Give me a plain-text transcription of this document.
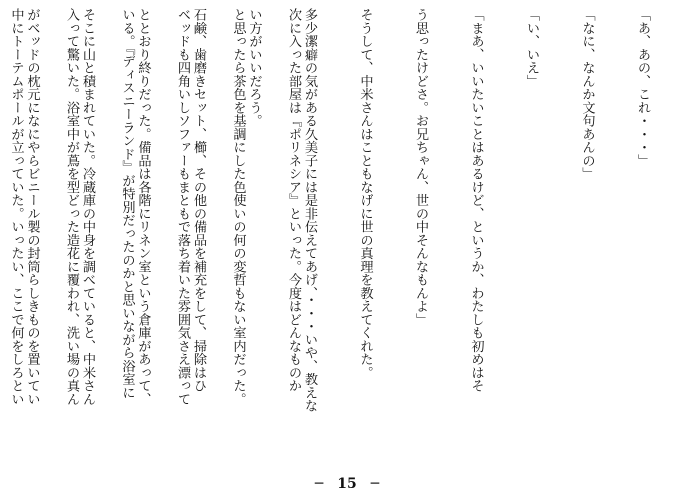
「あ、あの、これ・・・」

「なに、なんか文句あんの」

「い、いえ」

「まあ、いいたいことはあるけど、というか、わたしも初めはそ

う思ったけどさ。お兄ちゃん、世の中そんなもんよ」

そうして、中米さんはこともなげに世の真理を教えてくれた。

多少潔癖の気がある久美子には是非伝えてあげ、・・・いや、教えな

い方がいいだろう。

石鹸、歯磨きセット、櫛、その他の備品を補充をして、掃除はひ

ととおり終りだった。備品は各階にリネン室という倉庫があって、

そこに山と積まれていた。冷蔵庫の中身を調べていると、中米さん

がベッドの枕元になにやらビニール製の封筒らしきものを置いてい

	次に入った部屋は『ポリネシア』といった。今度はどんなものか

と思ったら茶色を基調にした色使いの何の変哲もない室内だった。

ベッドも四角いしソファーもまともで落ち着いた雰囲気さえ漂って

いる。『ディスニーランド』が特別だったのかと思いながら浴室に

入って驚いた。浴室中が蔦を型どった造花に覆われ、洗い場の真ん

中にトーテムポールが立っていた。いったい、ここで何をしろとい

─　15　─
